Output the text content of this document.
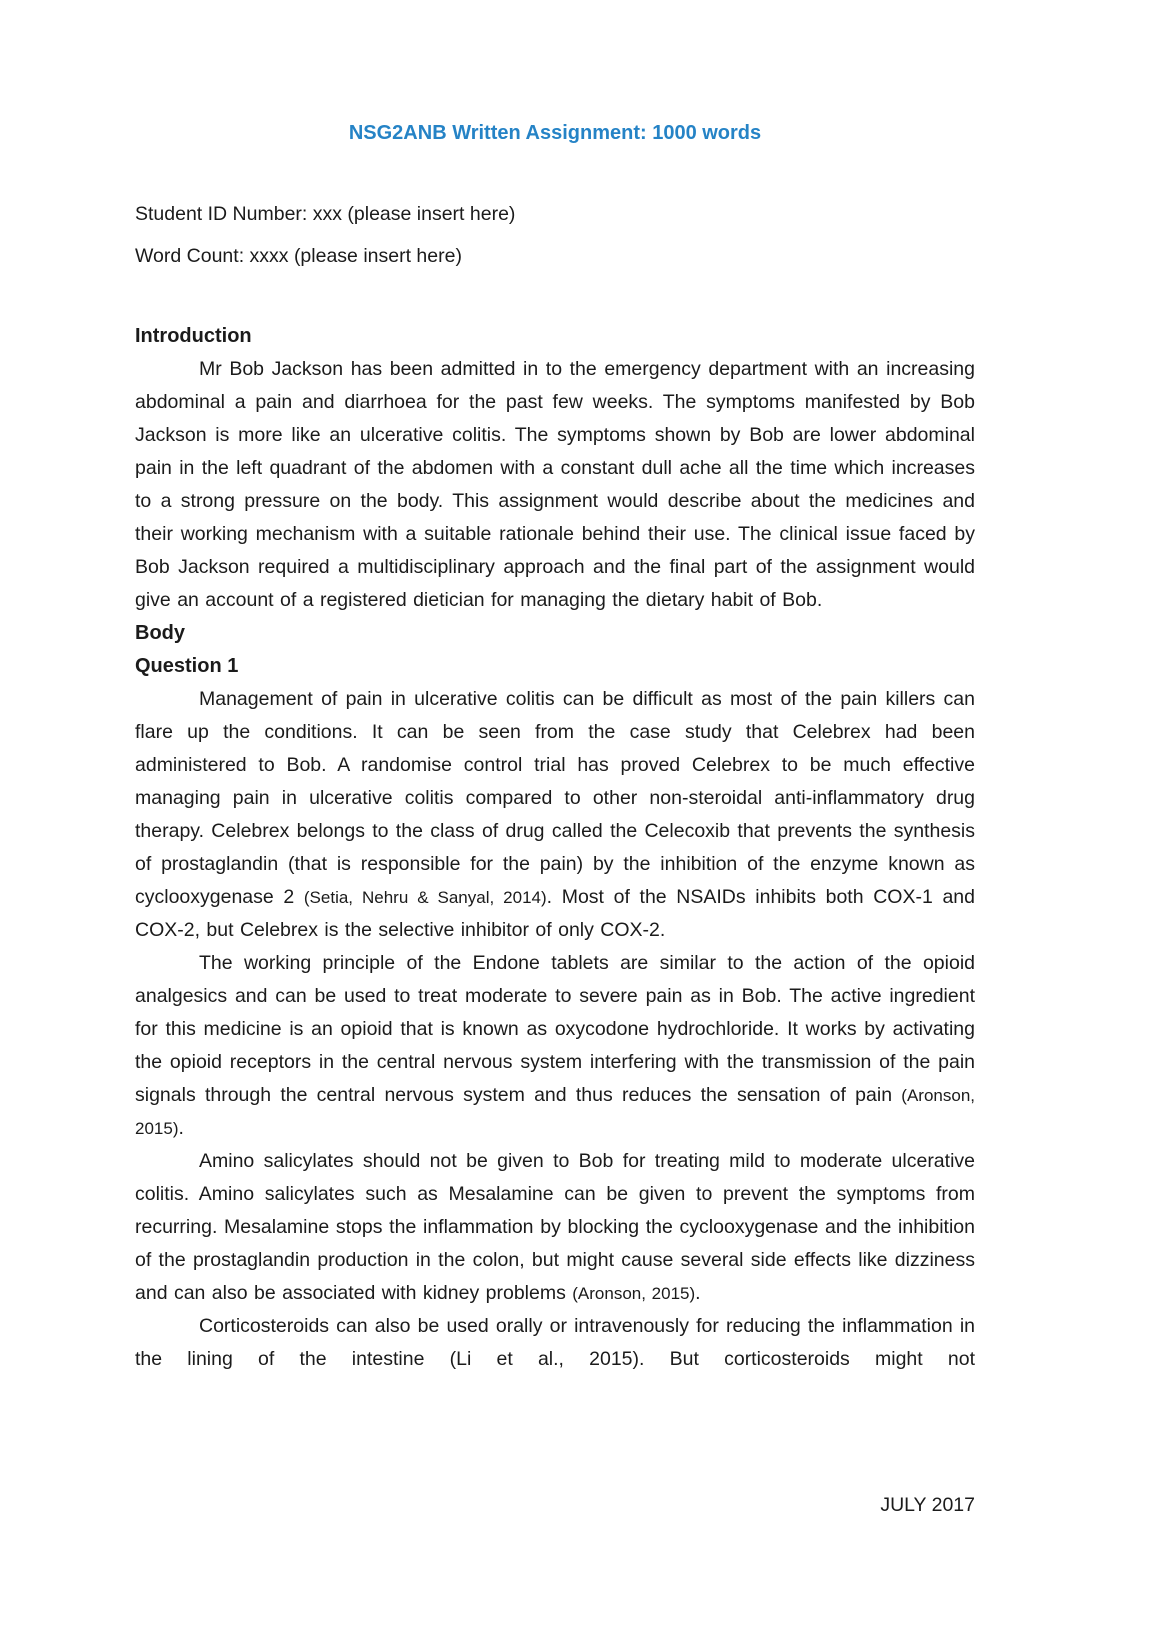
NSG2ANB Written Assignment: 1000 words
Student ID Number: xxx (please insert here)
Word Count: xxxx (please insert here)
Introduction

Mr Bob Jackson has been admitted in to the emergency department with an increasing abdominal a pain and diarrhoea for the past few weeks. The symptoms manifested by Bob Jackson is more like an ulcerative colitis. The symptoms shown by Bob are lower abdominal pain in the left quadrant of the abdomen with a constant dull ache all the time which increases to a strong pressure on the body. This assignment would describe about the medicines and their working mechanism with a suitable rationale behind their use. The clinical issue faced by Bob Jackson required a multidisciplinary approach and the final part of the assignment would give an account of a registered dietician for managing the dietary habit of Bob.

Body
Question 1

Management of pain in ulcerative colitis can be difficult as most of the pain killers can flare up the conditions. It can be seen from the case study that Celebrex had been administered to Bob. A randomise control trial has proved Celebrex to be much effective managing pain in ulcerative colitis compared to other non-steroidal anti-inflammatory drug therapy. Celebrex belongs to the class of drug called the Celecoxib that prevents the synthesis of prostaglandin (that is responsible for the pain) by the inhibition of the enzyme known as cyclooxygenase 2 (Setia, Nehru & Sanyal, 2014). Most of the NSAIDs inhibits both COX-1 and COX-2, but Celebrex is the selective inhibitor of only COX-2.

The working principle of the Endone tablets are similar to the action of the opioid analgesics and can be used to treat moderate to severe pain as in Bob. The active ingredient for this medicine is an opioid that is known as oxycodone hydrochloride. It works by activating the opioid receptors in the central nervous system interfering with the transmission of the pain signals through the central nervous system and thus reduces the sensation of pain (Aronson, 2015).

Amino salicylates should not be given to Bob for treating mild to moderate ulcerative colitis. Amino salicylates such as Mesalamine can be given to prevent the symptoms from recurring. Mesalamine stops the inflammation by blocking the cyclooxygenase and the inhibition of the prostaglandin production in the colon, but might cause several side effects like dizziness and can also be associated with kidney problems (Aronson, 2015).

Corticosteroids can also be used orally or intravenously for reducing the inflammation in the lining of the intestine (Li et al., 2015). But corticosteroids might not

JULY 2017
